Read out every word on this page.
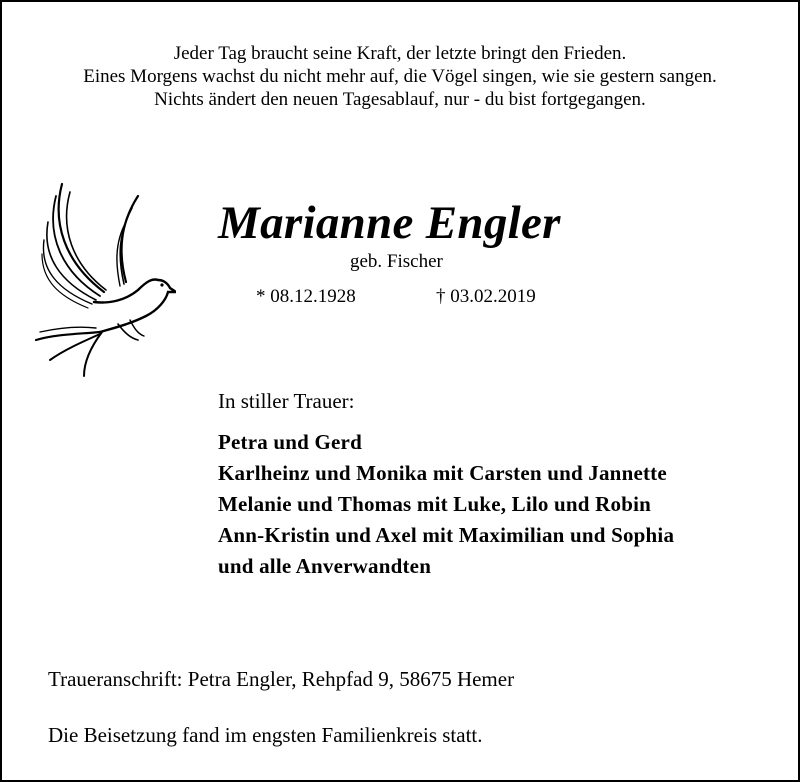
Jeder Tag braucht seine Kraft, der letzte bringt den Frieden.
Eines Morgens wachst du nicht mehr auf, die Vögel singen, wie sie gestern sangen.
Nichts ändert den neuen Tagesablauf, nur - du bist fortgegangen.
Marianne Engler
geb. Fischer
* 08.12.1928	† 03.02.2019
In stiller Trauer:
Petra und Gerd
Karlheinz und Monika mit Carsten und Jannette
Melanie und Thomas mit Luke, Lilo und Robin
Ann-Kristin und Axel mit Maximilian und Sophia
und alle Anverwandten
Traueranschrift: Petra Engler, Rehpfad 9, 58675 Hemer
Die Beisetzung fand im engsten Familienkreis statt.
